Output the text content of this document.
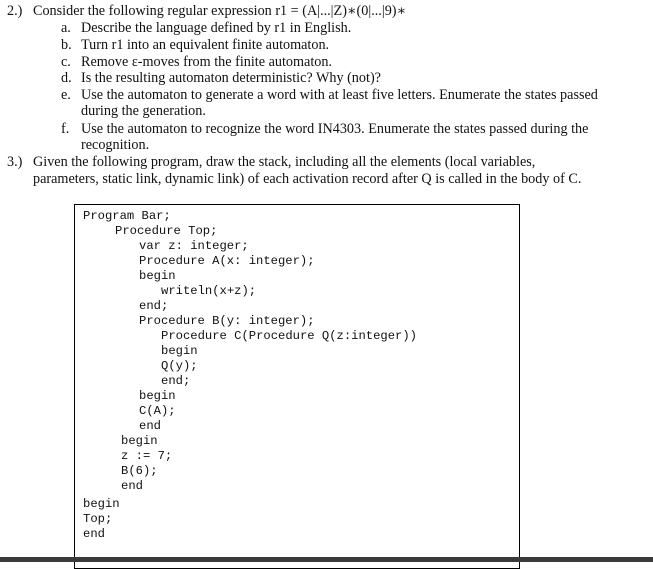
2.) Consider the following regular expression r1 = (A|...|Z)∗(0|...|9)∗
a. Describe the language defined by r1 in English.
b. Turn r1 into an equivalent finite automaton.
c. Remove ε-moves from the finite automaton.
d. Is the resulting automaton deterministic? Why (not)?
e. Use the automaton to generate a word with at least five letters. Enumerate the states passed
during the generation.
f. Use the automaton to recognize the word IN4303. Enumerate the states passed during the
recognition.
3.) Given the following program, draw the stack, including all the elements (local variables,
parameters, static link, dynamic link) of each activation record after Q is called in the body of C.
Program Bar;
Procedure Top;
var z: integer;
Procedure A(x: integer);
begin
writeln(x+z);
end;
Procedure B(y: integer);
Procedure C(Procedure Q(z:integer))
begin
Q(y);
end;
begin
C(A);
end
begin
z := 7;
B(6);
end
begin
Top;
end
